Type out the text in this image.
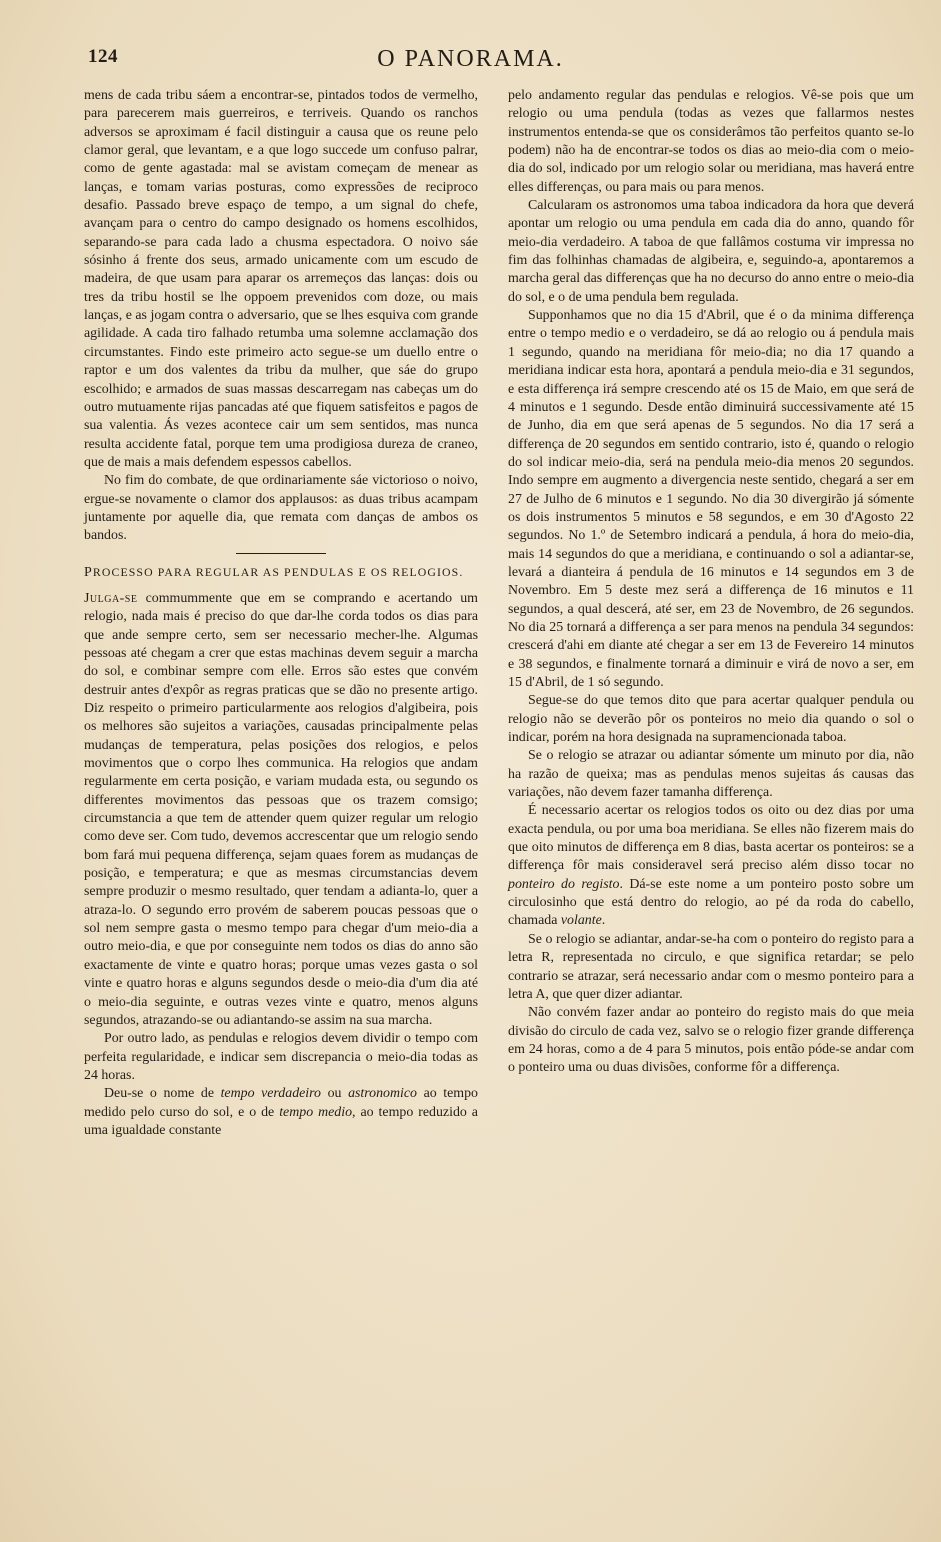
124	O PANORAMA.

mens de cada tribu sáem a encontrar-se, pintados todos de vermelho, para parecerem mais guerreiros, e terriveis. Quando os ranchos adversos se aproximam é facil distinguir a causa que os reune pelo clamor geral, que levantam, e a que logo succede um confuso palrar, como de gente agastada: mal se avistam começam de menear as lanças, e tomam varias posturas, como expressões de reciproco desafio. Passado breve espaço de tempo, a um signal do chefe, avançam para o centro do campo designado os homens escolhidos, separando-se para cada lado a chusma espectadora. O noivo sáe sósinho á frente dos seus, armado unicamente com um escudo de madeira, de que usam para aparar os arremeços das lanças: dois ou tres da tribu hostil se lhe oppoem prevenidos com doze, ou mais lanças, e as jogam contra o adversario, que se lhes esquiva com grande agilidade. A cada tiro falhado retumba uma solemne acclamação dos circumstantes. Findo este primeiro acto segue-se um duello entre o raptor e um dos valentes da tribu da mulher, que sáe do grupo escolhido; e armados de suas massas descarregam nas cabeças um do outro mutuamente rijas pancadas até que fiquem satisfeitos e pagos de sua valentia. Ás vezes acontece cair um sem sentidos, mas nunca resulta accidente fatal, porque tem uma prodigiosa dureza de craneo, que de mais a mais defendem espessos cabellos.

No fim do combate, de que ordinariamente sáe victorioso o noivo, ergue-se novamente o clamor dos applausos: as duas tribus acampam juntamente por aquelle dia, que remata com danças de ambos os bandos.

PROCESSO PARA REGULAR AS PENDULAS E OS RELOGIOS.

Julga-se commummente que em se comprando e acertando um relogio, nada mais é preciso do que dar-lhe corda todos os dias para que ande sempre certo, sem ser necessario mecher-lhe. Algumas pessoas até chegam a crer que estas machinas devem seguir a marcha do sol, e combinar sempre com elle. Erros são estes que convém destruir antes d'expôr as regras praticas que se dão no presente artigo. Diz respeito o primeiro particularmente aos relogios d'algibeira, pois os melhores são sujeitos a variações, causadas principalmente pelas mudanças de temperatura, pelas posições dos relogios, e pelos movimentos que o corpo lhes communica. Ha relogios que andam regularmente em certa posição, e variam mudada esta, ou segundo os differentes movimentos das pessoas que os trazem comsigo; circumstancia a que tem de attender quem quizer regular um relogio como deve ser. Com tudo, devemos accrescentar que um relogio sendo bom fará mui pequena differença, sejam quaes forem as mudanças de posição, e temperatura; e que as mesmas circumstancias devem sempre produzir o mesmo resultado, quer tendam a adianta-lo, quer a atraza-lo. O segundo erro provém de saberem poucas pessoas que o sol nem sempre gasta o mesmo tempo para chegar d'um meio-dia a outro meio-dia, e que por conseguinte nem todos os dias do anno são exactamente de vinte e quatro horas; porque umas vezes gasta o sol vinte e quatro horas e alguns segundos desde o meio-dia d'um dia até o meio-dia seguinte, e outras vezes vinte e quatro, menos alguns segundos, atrazando-se ou adiantando-se assim na sua marcha.

Por outro lado, as pendulas e relogios devem dividir o tempo com perfeita regularidade, e indicar sem discrepancia o meio-dia todas as 24 horas.

Deu-se o nome de tempo verdadeiro ou astronomico ao tempo medido pelo curso do sol, e o de tempo medio, ao tempo reduzido a uma igualdade constante

pelo andamento regular das pendulas e relogios. Vê-se pois que um relogio ou uma pendula (todas as vezes que fallarmos nestes instrumentos entenda-se que os considerâmos tão perfeitos quanto se-lo podem) não ha de encontrar-se todos os dias ao meio-dia com o meio-dia do sol, indicado por um relogio solar ou meridiana, mas haverá entre elles differenças, ou para mais ou para menos.

Calcularam os astronomos uma taboa indicadora da hora que deverá apontar um relogio ou uma pendula em cada dia do anno, quando fôr meio-dia verdadeiro. A taboa de que fallâmos costuma vir impressa no fim das folhinhas chamadas de algibeira, e, seguindo-a, apontaremos a marcha geral das differenças que ha no decurso do anno entre o meio-dia do sol, e o de uma pendula bem regulada.

Supponhamos que no dia 15 d'Abril, que é o da minima differença entre o tempo medio e o verdadeiro, se dá ao relogio ou á pendula mais 1 segundo, quando na meridiana fôr meio-dia; no dia 17 quando a meridiana indicar esta hora, apontará a pendula meio-dia e 31 segundos, e esta differença irá sempre crescendo até os 15 de Maio, em que será de 4 minutos e 1 segundo. Desde então diminuirá successivamente até 15 de Junho, dia em que será apenas de 5 segundos. No dia 17 será a differença de 20 segundos em sentido contrario, isto é, quando o relogio do sol indicar meio-dia, será na pendula meio-dia menos 20 segundos. Indo sempre em augmento a divergencia neste sentido, chegará a ser em 27 de Julho de 6 minutos e 1 segundo. No dia 30 divergirão já sómente os dois instrumentos 5 minutos e 58 segundos, e em 30 d'Agosto 22 segundos. No 1.º de Setembro indicará a pendula, á hora do meio-dia, mais 14 segundos do que a meridiana, e continuando o sol a adiantar-se, levará a dianteira á pendula de 16 minutos e 14 segundos em 3 de Novembro. Em 5 deste mez será a differença de 16 minutos e 11 segundos, a qual descerá, até ser, em 23 de Novembro, de 26 segundos. No dia 25 tornará a differença a ser para menos na pendula 34 segundos: crescerá d'ahi em diante até chegar a ser em 13 de Fevereiro 14 minutos e 38 segundos, e finalmente tornará a diminuir e virá de novo a ser, em 15 d'Abril, de 1 só segundo.

Segue-se do que temos dito que para acertar qualquer pendula ou relogio não se deverão pôr os ponteiros no meio dia quando o sol o indicar, porém na hora designada na supramencionada taboa.

Se o relogio se atrazar ou adiantar sómente um minuto por dia, não ha razão de queixa; mas as pendulas menos sujeitas ás causas das variações, não devem fazer tamanha differença.

É necessario acertar os relogios todos os oito ou dez dias por uma exacta pendula, ou por uma boa meridiana. Se elles não fizerem mais do que oito minutos de differença em 8 dias, basta acertar os ponteiros: se a differença fôr mais consideravel será preciso além disso tocar no ponteiro do registo. Dá-se este nome a um ponteiro posto sobre um circulosinho que está dentro do relogio, ao pé da roda do cabello, chamada volante.

Se o relogio se adiantar, andar-se-ha com o ponteiro do registo para a letra R, representada no circulo, e que significa retardar; se pelo contrario se atrazar, será necessario andar com o mesmo ponteiro para a letra A, que quer dizer adiantar.

Não convém fazer andar ao ponteiro do registo mais do que meia divisão do circulo de cada vez, salvo se o relogio fizer grande differença em 24 horas, como a de 4 para 5 minutos, pois então póde-se andar com o ponteiro uma ou duas divisões, conforme fôr a differença.
